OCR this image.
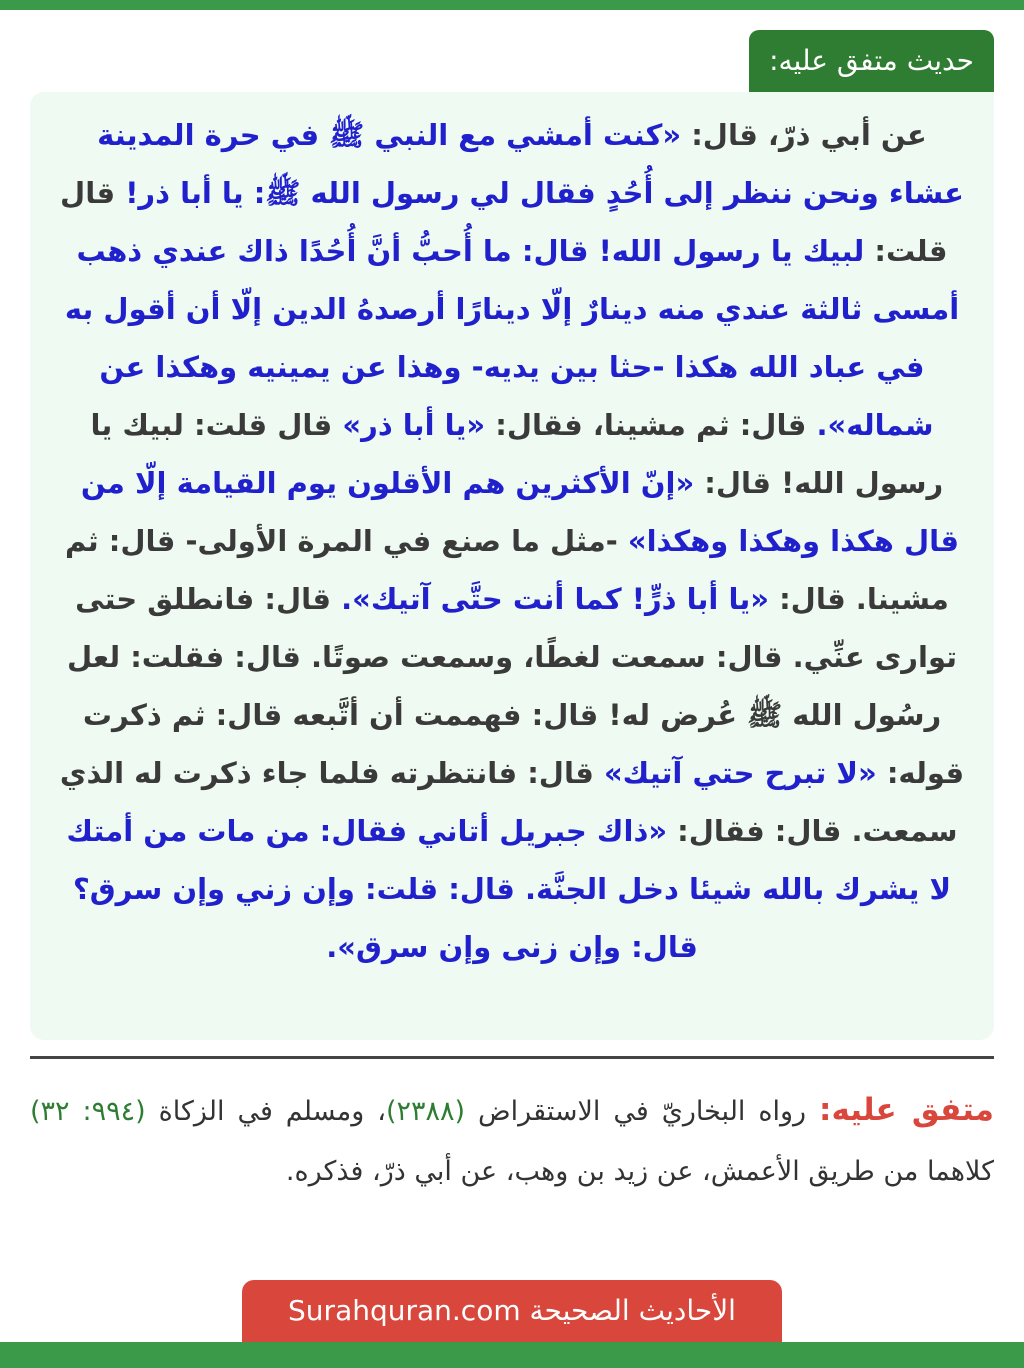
حديث متفق عليه:
عن أبي ذرّ، قال: «كنت أمشي مع النبي ﷺ في حرة المدينة عشاء ونحن ننظر إلى أُحُدٍ فقال لي رسول الله ﷺ: يا أبا ذر! قال قلت: لبيك يا رسول الله! قال: ما أُحبُّ أنَّ أُحُدًا ذاك عندي ذهب أمسى ثالثة عندي منه دينارٌ إلّا دينارًا أرصدهُ الدين إلّا أن أقول به في عباد الله هكذا -حثا بين يديه- وهذا عن يمينيه وهكذا عن شماله». قال: ثم مشينا، فقال: «يا أبا ذر» قال قلت: لبيك يا رسول الله! قال: «إنّ الأكثرين هم الأقلون يوم القيامة إلّا من قال هكذا وهكذا وهكذا» -مثل ما صنع في المرة الأولى- قال: ثم مشينا. قال: «يا أبا ذرٍّ! كما أنت حتَّى آتيك». قال: فانطلق حتى توارى عنِّي. قال: سمعت لغطًا، وسمعت صوتًا. قال: فقلت: لعل رسُول الله ﷺ عُرض له! قال: فهممت أن أتَّبعه قال: ثم ذكرت قوله: «لا تبرح حتي آتيك» قال: فانتظرته فلما جاء ذكرت له الذي سمعت. قال: فقال: «ذاك جبريل أتاني فقال: من مات من أمتك لا يشرك بالله شيئا دخل الجنَّة. قال: قلت: وإن زني وإن سرق؟ قال: وإن زنى وإن سرق».
متفق عليه: رواه البخاريّ في الاستقراض (٢٣٨٨)، ومسلم في الزكاة (٩٩٤: ٣٢) كلاهما من طريق الأعمش، عن زيد بن وهب، عن أبي ذرّ، فذكره.
الأحاديث الصحيحة Surahquran.com
